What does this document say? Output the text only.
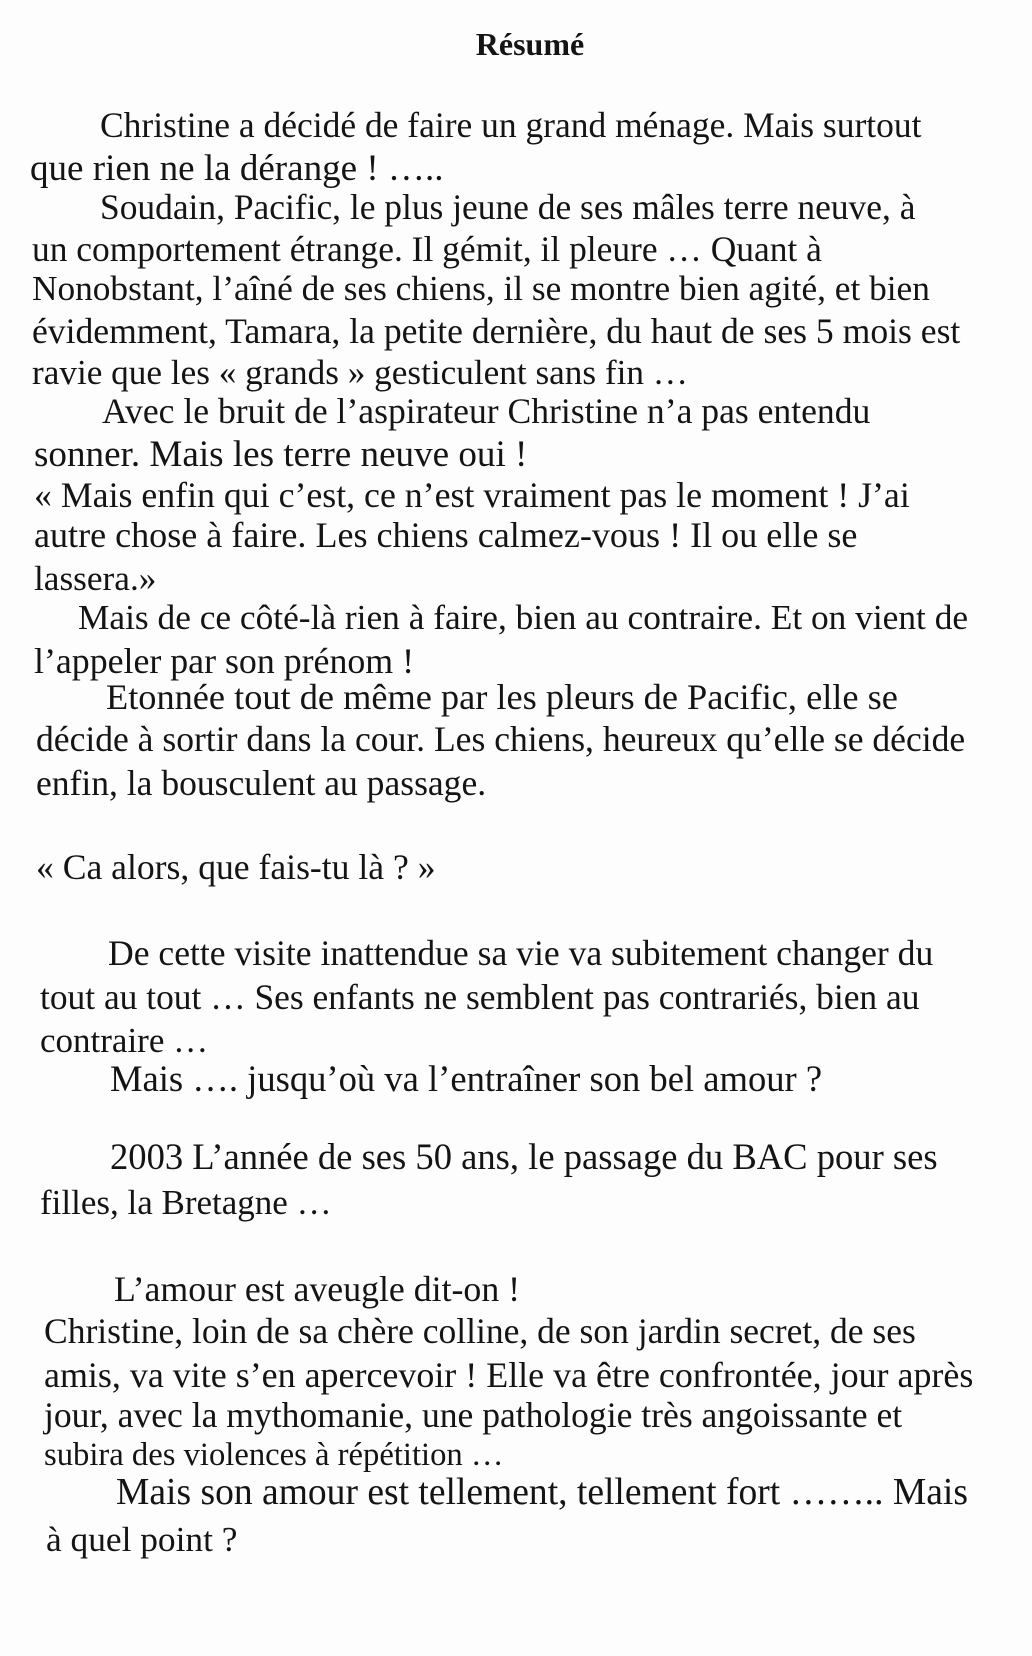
Résumé
Christine a décidé de faire un grand ménage. Mais surtout
que rien ne la dérange ! …..
Soudain, Pacific, le plus jeune de ses mâles terre neuve, à
un comportement étrange. Il gémit, il pleure … Quant à
Nonobstant, l’aîné de ses chiens, il se montre bien agité, et bien
évidemment, Tamara, la petite dernière, du haut de ses 5 mois est
ravie que les « grands » gesticulent sans fin …
Avec le bruit de l’aspirateur Christine n’a pas entendu
sonner. Mais les terre neuve oui !
« Mais enfin qui c’est, ce n’est vraiment pas le moment ! J’ai
autre chose à faire. Les chiens calmez-vous ! Il ou elle se
lassera.»
Mais de ce côté-là rien à faire, bien au contraire. Et on vient de
l’appeler par son prénom !
Etonnée tout de même par les pleurs de Pacific, elle se
décide à sortir dans la cour. Les chiens, heureux qu’elle se décide
enfin, la bousculent au passage.
« Ca alors, que fais-tu là ? »
De cette visite inattendue sa vie va subitement changer du
tout au tout … Ses enfants ne semblent pas contrariés, bien au
contraire …
Mais …. jusqu’où va l’entraîner son bel amour ?
2003 L’année de ses 50 ans, le passage du BAC pour ses
filles, la Bretagne …
L’amour est aveugle dit-on !
Christine, loin de sa chère colline, de son jardin secret, de ses
amis, va vite s’en apercevoir ! Elle va être confrontée, jour après
jour, avec la mythomanie, une pathologie très angoissante et
subira des violences à répétition …
Mais son amour est tellement, tellement fort …….. Mais
à quel point ?
